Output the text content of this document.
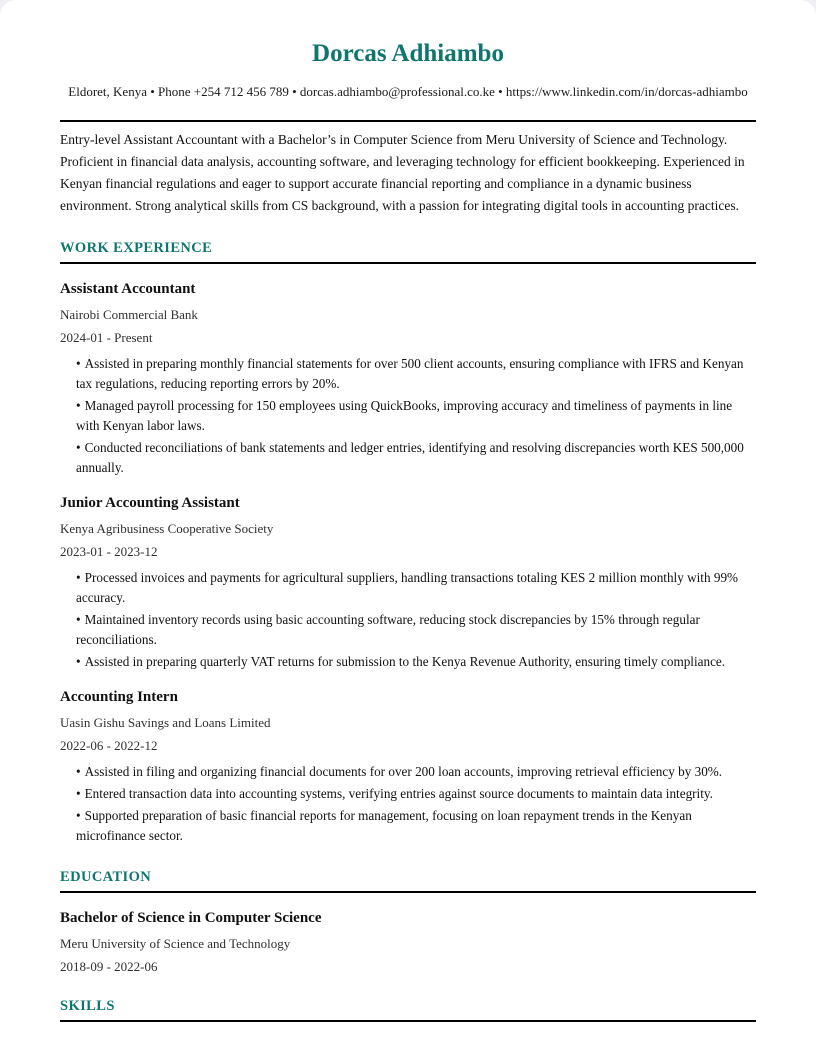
Dorcas Adhiambo

Eldoret, Kenya • Phone +254 712 456 789 • dorcas.adhiambo@professional.co.ke • https://www.linkedin.com/in/dorcas-adhiambo

Entry-level Assistant Accountant with a Bachelor’s in Computer Science from Meru University of Science and Technology. Proficient in financial data analysis, accounting software, and leveraging technology for efficient bookkeeping. Experienced in Kenyan financial regulations and eager to support accurate financial reporting and compliance in a dynamic business environment. Strong analytical skills from CS background, with a passion for integrating digital tools in accounting practices.

WORK EXPERIENCE
Assistant Accountant

Nairobi Commercial Bank

2024-01 - Present

• Assisted in preparing monthly financial statements for over 500 client accounts, ensuring compliance with IFRS and Kenyan tax regulations, reducing reporting errors by 20%.
• Managed payroll processing for 150 employees using QuickBooks, improving accuracy and timeliness of payments in line with Kenyan labor laws.
• Conducted reconciliations of bank statements and ledger entries, identifying and resolving discrepancies worth KES 500,000 annually.
Junior Accounting Assistant

Kenya Agribusiness Cooperative Society

2023-01 - 2023-12

• Processed invoices and payments for agricultural suppliers, handling transactions totaling KES 2 million monthly with 99% accuracy.
• Maintained inventory records using basic accounting software, reducing stock discrepancies by 15% through regular reconciliations.
• Assisted in preparing quarterly VAT returns for submission to the Kenya Revenue Authority, ensuring timely compliance.
Accounting Intern

Uasin Gishu Savings and Loans Limited

2022-06 - 2022-12

• Assisted in filing and organizing financial documents for over 200 loan accounts, improving retrieval efficiency by 30%.
• Entered transaction data into accounting systems, verifying entries against source documents to maintain data integrity.
• Supported preparation of basic financial reports for management, focusing on loan repayment trends in the Kenyan microfinance sector.
EDUCATION
Bachelor of Science in Computer Science

Meru University of Science and Technology

2018-09 - 2022-06

SKILLS
